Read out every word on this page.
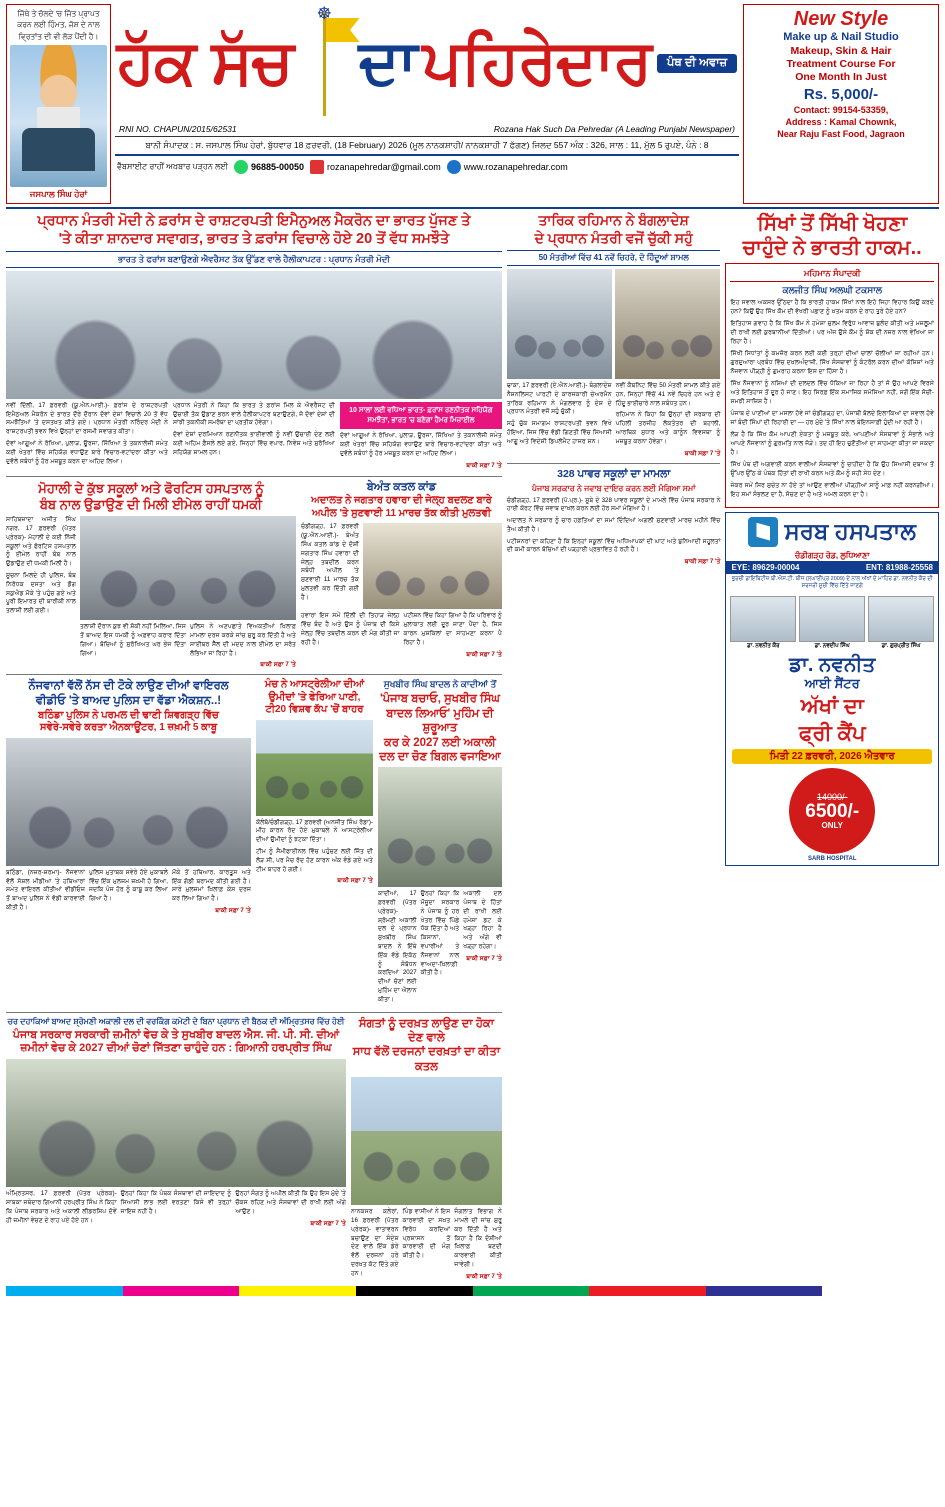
ਜਿੱਥੇ ਤੇ ਚੱਲਦੇ 'ਚ ਜਿੱਤ ਪ੍ਰਾਪਤ ਕਰਨ ਲਈ ਹਿੰਮਤ, ਜੋਸ਼ ਦੇ ਨਾਲ ਵ੍ਰਿਤਾਂਤ ਦੀ ਵੀ ਲੋੜ ਪੈਂਦੀ ਹੈ।
ਜਸਪਾਲ ਸਿੰਘ ਹੇਰਾਂ
ਹੱਕ ਸੱਚ
☸
ਦਾ ਪਹਿਰੇਦਾਰ	ਪੰਥ ਦੀ ਅਵਾਜ਼
RNI NO. CHAPUN/2015/62531	Rozana Hak Such Da Pehredar (A Leading Punjabi Newspaper)
ਬਾਨੀ ਸੰਪਾਦਕ : ਸ. ਜਸਪਾਲ ਸਿੰਘ ਹੇਰਾਂ, ਬੁੱਧਵਾਰ 18 ਫ਼ਰਵਰੀ, (18 February) 2026 (ਮੂਲ ਨਾਨਕਸ਼ਾਹੀ/ ਨਾਨਕਸ਼ਾਹੀ 7 ਫੱਗਣ) ਜਿਲਦ 557 ਅੰਕ : 326, ਸਾਲ : 11, ਮੁੱਲ 5 ਰੁਪਏ, ਪੰਨੇ : 8
ਵੈੱਬਸਾਈਟ ਰਾਹੀਂ ਅਖ਼ਬਾਰ ਪੜ੍ਹਨ ਲਈ	96885-00050	rozanapehredar@gmail.com	www.rozanapehredar.com
New Style
Make up & Nail Studio
Makeup, Skin & Hair
Treatment Course For
One Month In Just
Rs. 5,000/-
Contact: 99154-53359,
Address : Kamal Chownk,
Near Raju Fast Food, Jagraon
ਪ੍ਰਧਾਨ ਮੰਤਰੀ ਮੋਦੀ ਨੇ ਫ਼ਰਾਂਸ ਦੇ ਰਾਸ਼ਟਰਪਤੀ ਇਮੈਨੁਅਲ ਮੈਕਰੋਨ ਦਾ ਭਾਰਤ ਪੁੱਜਣ ਤੇ
'ਤੇ ਕੀਤਾ ਸ਼ਾਨਦਾਰ ਸਵਾਗਤ, ਭਾਰਤ ਤੇ ਫ਼ਰਾਂਸ ਵਿਚਾਲੇ ਹੋਏ 20 ਤੋਂ ਵੱਧ ਸਮਝੌਤੇ
ਭਾਰਤ ਤੇ ਫਰਾਂਸ ਬਣਾਉਣਗੇ ਐਵਰੈਸਟ ਤੱਕ ਉੱਡਣ ਵਾਲੇ ਹੈਲੀਕਾਪਟਰ : ਪ੍ਰਧਾਨ ਮੰਤਰੀ ਮੋਦੀ

ਨਵੀਂ ਦਿੱਲੀ, 17 ਫ਼ਰਵਰੀ (ਯੂ.ਐਨ.ਆਈ.)- ਫ਼ਰਾਂਸ ਦੇ ਰਾਸ਼ਟਰਪਤੀ ਇਮੈਨੁਅਲ ਮੈਕਰੋਨ ਦੇ ਭਾਰਤ ਦੌਰੇ ਦੌਰਾਨ ਦੋਵਾਂ ਦੇਸ਼ਾਂ ਵਿਚਾਲੇ 20 ਤੋਂ ਵੱਧ ਸਮਝੌਤਿਆਂ 'ਤੇ ਦਸਤਖ਼ਤ ਕੀਤੇ ਗਏ। ਪ੍ਰਧਾਨ ਮੰਤਰੀ ਨਰਿੰਦਰ ਮੋਦੀ ਨੇ ਰਾਸ਼ਟਰਪਤੀ ਭਵਨ ਵਿਖੇ ਉਨ੍ਹਾਂ ਦਾ ਰਸਮੀ ਸਵਾਗਤ ਕੀਤਾ।

ਦੋਵਾਂ ਆਗੂਆਂ ਨੇ ਰੱਖਿਆ, ਪੁਲਾੜ, ਊਰਜਾ, ਸਿੱਖਿਆ ਤੇ ਤਕਨਾਲੋਜੀ ਸਮੇਤ ਕਈ ਖੇਤਰਾਂ ਵਿੱਚ ਸਹਿਯੋਗ ਵਧਾਉਣ ਬਾਰੇ ਵਿਚਾਰ-ਵਟਾਂਦਰਾ ਕੀਤਾ ਅਤੇ ਦੁਵੱਲੇ ਸਬੰਧਾਂ ਨੂੰ ਹੋਰ ਮਜ਼ਬੂਤ ਕਰਨ ਦਾ ਅਹਿਦ ਲਿਆ।

ਪ੍ਰਧਾਨ ਮੰਤਰੀ ਨੇ ਕਿਹਾ ਕਿ ਭਾਰਤ ਤੇ ਫ਼ਰਾਂਸ ਮਿਲ ਕੇ ਐਵਰੈਸਟ ਦੀ ਉਚਾਈ ਤੱਕ ਉਡਾਣ ਭਰਨ ਵਾਲੇ ਹੈਲੀਕਾਪਟਰ ਬਣਾਉਣਗੇ, ਜੋ ਦੋਵਾਂ ਦੇਸ਼ਾਂ ਦੀ ਸਾਂਝੀ ਤਕਨੀਕੀ ਸਮਰੱਥਾ ਦਾ ਪ੍ਰਤੀਕ ਹੋਵੇਗਾ।

ਦੋਵਾਂ ਦੇਸ਼ਾਂ ਦਰਮਿਆਨ ਰਣਨੀਤਕ ਭਾਈਵਾਲੀ ਨੂੰ ਨਵੀਂ ਉਚਾਈ ਦੇਣ ਲਈ ਕਈ ਅਹਿਮ ਫ਼ੈਸਲੇ ਲਏ ਗਏ, ਜਿਨ੍ਹਾਂ ਵਿੱਚ ਵਪਾਰ, ਨਿਵੇਸ਼ ਅਤੇ ਸੁਰੱਖਿਆ ਸਹਿਯੋਗ ਸ਼ਾਮਲ ਹਨ।

10 ਸਾਲਾਂ ਲਈ ਵਧਿਆ ਭਾਰਤ- ਫ਼ਰਾਂਸ ਰਣਨੀਤਕ ਸਹਿਯੋਗ ਸਮਝੌਤਾ, ਭਾਰਤ 'ਚ ਬਣੇਗਾ ਹੈਮਰ ਮਿਜ਼ਾਈਲ

ਦੋਵਾਂ ਆਗੂਆਂ ਨੇ ਰੱਖਿਆ, ਪੁਲਾੜ, ਊਰਜਾ, ਸਿੱਖਿਆ ਤੇ ਤਕਨਾਲੋਜੀ ਸਮੇਤ ਕਈ ਖੇਤਰਾਂ ਵਿੱਚ ਸਹਿਯੋਗ ਵਧਾਉਣ ਬਾਰੇ ਵਿਚਾਰ-ਵਟਾਂਦਰਾ ਕੀਤਾ ਅਤੇ ਦੁਵੱਲੇ ਸਬੰਧਾਂ ਨੂੰ ਹੋਰ ਮਜ਼ਬੂਤ ਕਰਨ ਦਾ ਅਹਿਦ ਲਿਆ।

ਬਾਕੀ ਸਫ਼ਾ 7 'ਤੇ
ਮੋਹਾਲੀ ਦੇ ਕੁੱਝ ਸਕੂਲਾਂ ਅਤੇ ਫੋਰਟਿਸ ਹਸਪਤਾਲ ਨੂੰ
ਬੰਬ ਨਾਲ ਉਡਾਉਣ ਦੀ ਮਿਲੀ ਈਮੇਲ ਰਾਹੀਂ ਧਮਕੀ

ਸਾਹਿਬਜ਼ਾਦਾ ਅਜੀਤ ਸਿੰਘ ਨਗਰ, 17 ਫ਼ਰਵਰੀ (ਪੱਤਰ ਪ੍ਰੇਰਕ)- ਮੋਹਾਲੀ ਦੇ ਕਈ ਨਿੱਜੀ ਸਕੂਲਾਂ ਅਤੇ ਫੋਰਟਿਸ ਹਸਪਤਾਲ ਨੂੰ ਈਮੇਲ ਰਾਹੀਂ ਬੰਬ ਨਾਲ ਉਡਾਉਣ ਦੀ ਧਮਕੀ ਮਿਲੀ ਹੈ।

ਸੂਚਨਾ ਮਿਲਦੇ ਹੀ ਪੁਲਿਸ, ਬੰਬ ਨਿਰੋਧਕ ਦਸਤਾ ਅਤੇ ਡੌਗ ਸਕੁਐਡ ਮੌਕੇ 'ਤੇ ਪਹੁੰਚ ਗਏ ਅਤੇ ਪੂਰੀ ਇਮਾਰਤ ਦੀ ਬਾਰੀਕੀ ਨਾਲ ਤਲਾਸ਼ੀ ਲਈ ਗਈ।

ਤਲਾਸ਼ੀ ਦੌਰਾਨ ਕੁਝ ਵੀ ਸ਼ੱਕੀ ਨਹੀਂ ਮਿਲਿਆ, ਜਿਸ ਤੋਂ ਬਾਅਦ ਇਸ ਧਮਕੀ ਨੂੰ ਅਫ਼ਵਾਹ ਕਰਾਰ ਦਿੱਤਾ ਗਿਆ। ਬੱਚਿਆਂ ਨੂੰ ਸੁਰੱਖਿਅਤ ਘਰ ਭੇਜ ਦਿੱਤਾ ਗਿਆ।

ਪੁਲਿਸ ਨੇ ਅਣਪਛਾਤੇ ਵਿਅਕਤੀਆਂ ਖ਼ਿਲਾਫ਼ ਮਾਮਲਾ ਦਰਜ ਕਰਕੇ ਜਾਂਚ ਸ਼ੁਰੂ ਕਰ ਦਿੱਤੀ ਹੈ ਅਤੇ ਸਾਈਬਰ ਸੈੱਲ ਦੀ ਮਦਦ ਨਾਲ ਈਮੇਲ ਦਾ ਸਰੋਤ ਲੱਭਿਆ ਜਾ ਰਿਹਾ ਹੈ।

ਬਾਕੀ ਸਫ਼ਾ 7 'ਤੇ
ਬੇਅੰਤ ਕਤਲ ਕਾਂਡ
ਅਦਾਲਤ ਨੇ ਜਗਤਾਰ ਹਵਾਰਾ ਦੀ ਜੇਲ੍ਹ ਬਦਲਣ ਬਾਰੇ
ਅਪੀਲ 'ਤੇ ਸੁਣਵਾਈ 11 ਮਾਰਚ ਤੱਕ ਕੀਤੀ ਮੁਲਤਵੀ

ਚੰਡੀਗੜ੍ਹ, 17 ਫ਼ਰਵਰੀ (ਯੂ.ਐਨ.ਆਈ.)- ਬੇਅੰਤ ਸਿੰਘ ਕਤਲ ਕਾਂਡ ਦੇ ਦੋਸ਼ੀ ਜਗਤਾਰ ਸਿੰਘ ਹਵਾਰਾ ਦੀ ਜੇਲ੍ਹ ਤਬਦੀਲ ਕਰਨ ਸਬੰਧੀ ਅਪੀਲ 'ਤੇ ਸੁਣਵਾਈ 11 ਮਾਰਚ ਤੱਕ ਮੁਲਤਵੀ ਕਰ ਦਿੱਤੀ ਗਈ ਹੈ।

ਹਵਾਰਾ ਇਸ ਸਮੇਂ ਦਿੱਲੀ ਦੀ ਤਿਹਾੜ ਜੇਲ੍ਹ ਵਿੱਚ ਬੰਦ ਹੈ ਅਤੇ ਉਸ ਨੂੰ ਪੰਜਾਬ ਦੀ ਕਿਸੇ ਜੇਲ੍ਹ ਵਿੱਚ ਤਬਦੀਲ ਕਰਨ ਦੀ ਮੰਗ ਕੀਤੀ ਜਾ ਰਹੀ ਹੈ।

ਪਟੀਸ਼ਨ ਵਿੱਚ ਕਿਹਾ ਗਿਆ ਹੈ ਕਿ ਪਰਿਵਾਰ ਨੂੰ ਮੁਲਾਕਾਤ ਲਈ ਦੂਰ ਜਾਣਾ ਪੈਂਦਾ ਹੈ, ਜਿਸ ਕਾਰਨ ਮੁਸ਼ਕਿਲਾਂ ਦਾ ਸਾਹਮਣਾ ਕਰਨਾ ਪੈ ਰਿਹਾ ਹੈ।

ਬਾਕੀ ਸਫ਼ਾ 7 'ਤੇ
ਨੌਜਵਾਨਾਂ ਵੱਲੋਂ ਨੱਸ ਦੀ ਟੋਕੇ ਲਾਉਣ ਦੀਆਂ ਵਾਇਰਲ
ਵੀਡੀਓ 'ਤੇ ਬਾਅਦ ਪੁਲਿਸ ਦਾ ਵੱਡਾ ਐਕਸ਼ਨ..!
ਬਠਿੰਡਾ ਪੁਲਿਸ ਨੇ ਪਰਮਲ ਦੀ ਢਾਣੀ ਸ਼ਿਵਗੜ੍ਹ ਵਿੱਚ
ਸਵੇਰੇ-ਸਵੇਰੇ ਕਰਤਾ ਐਨਕਾਊਂਟਰ, 1 ਜ਼ਖ਼ਮੀ 5 ਕਾਬੂ

ਬਠਿੰਡਾ, (ਨਜ਼ਰ-ਸ਼ਰਮਾ)- ਨੌਜਵਾਨਾਂ ਵੱਲੋਂ ਸੋਸ਼ਲ ਮੀਡੀਆ 'ਤੇ ਹਥਿਆਰਾਂ ਸਮੇਤ ਵਾਇਰਲ ਕੀਤੀਆਂ ਵੀਡੀਓਜ਼ ਤੋਂ ਬਾਅਦ ਪੁਲਿਸ ਨੇ ਵੱਡੀ ਕਾਰਵਾਈ ਕੀਤੀ ਹੈ।

ਪੁਲਿਸ ਮੁਤਾਬਕ ਸਵੇਰੇ ਹੋਏ ਮੁਕਾਬਲੇ ਵਿੱਚ ਇੱਕ ਮੁਲਜ਼ਮ ਜ਼ਖ਼ਮੀ ਹੋ ਗਿਆ, ਜਦਕਿ ਪੰਜ ਹੋਰ ਨੂੰ ਕਾਬੂ ਕਰ ਲਿਆ ਗਿਆ ਹੈ।

ਮੌਕੇ ਤੋਂ ਹਥਿਆਰ, ਕਾਰਤੂਸ ਅਤੇ ਇੱਕ ਗੱਡੀ ਬਰਾਮਦ ਕੀਤੀ ਗਈ ਹੈ। ਸਾਰੇ ਮੁਲਜ਼ਮਾਂ ਖ਼ਿਲਾਫ਼ ਕੇਸ ਦਰਜ ਕਰ ਲਿਆ ਗਿਆ ਹੈ।

ਬਾਕੀ ਸਫ਼ਾ 7 'ਤੇ
ਮੰਚ ਨੇ ਆਸਟ੍ਰੇਲੀਆ ਦੀਆਂ
ਉਮੀਦਾਂ 'ਤੇ ਫੇਰਿਆ ਪਾਣੀ,
ਟੀ20 ਵਿਸ਼ਵ ਕੱਪ 'ਚੋਂ ਬਾਹਰ

ਕੋਲੰਬੋ/ਚੰਡੀਗੜ੍ਹ, 17 ਫ਼ਰਵਰੀ (ਅਨਜੀਤ ਸਿੰਘ ਰੋਡਾ)- ਮੀਂਹ ਕਾਰਨ ਰੱਦ ਹੋਏ ਮੁਕਾਬਲੇ ਨੇ ਆਸਟ੍ਰੇਲੀਆ ਦੀਆਂ ਉਮੀਦਾਂ ਨੂੰ ਝਟਕਾ ਦਿੱਤਾ।

ਟੀਮ ਨੂੰ ਸੈਮੀਫਾਈਨਲ ਵਿੱਚ ਪਹੁੰਚਣ ਲਈ ਜਿੱਤ ਦੀ ਲੋੜ ਸੀ, ਪਰ ਮੈਚ ਰੱਦ ਹੋਣ ਕਾਰਨ ਅੰਕ ਵੰਡੇ ਗਏ ਅਤੇ ਟੀਮ ਬਾਹਰ ਹੋ ਗਈ।

ਬਾਕੀ ਸਫ਼ਾ 7 'ਤੇ
ਸੁਖਬੀਰ ਸਿੰਘ ਬਾਦਲ ਨੇ ਕਾਦੀਆਂ ਤੋਂ
'ਪੰਜਾਬ ਬਚਾਓ, ਸੁਖਬੀਰ ਸਿੰਘ ਬਾਦਲ ਲਿਆਓ' ਮੁਹਿੰਮ ਦੀ ਸ਼ੁਰੂਆਤ
ਕਰ ਕੇ 2027 ਲਈ ਅਕਾਲੀ ਦਲ ਦਾ ਚੋਣ ਬਿਗਲ ਵਜਾਇਆ

ਕਾਦੀਆਂ, 17 ਫ਼ਰਵਰੀ (ਪੱਤਰ ਪ੍ਰੇਰਕ)- ਸ਼੍ਰੋਮਣੀ ਅਕਾਲੀ ਦਲ ਦੇ ਪ੍ਰਧਾਨ ਸੁਖਬੀਰ ਸਿੰਘ ਬਾਦਲ ਨੇ ਇੱਥੇ ਇੱਕ ਵੱਡੇ ਇਕੱਠ ਨੂੰ ਸੰਬੋਧਨ ਕਰਦਿਆਂ 2027 ਦੀਆਂ ਚੋਣਾਂ ਲਈ ਮੁਹਿੰਮ ਦਾ ਐਲਾਨ ਕੀਤਾ।

ਉਨ੍ਹਾਂ ਕਿਹਾ ਕਿ ਮੌਜੂਦਾ ਸਰਕਾਰ ਨੇ ਪੰਜਾਬ ਨੂੰ ਹਰ ਖੇਤਰ ਵਿੱਚ ਪਿੱਛੇ ਧੱਕ ਦਿੱਤਾ ਹੈ ਅਤੇ ਕਿਸਾਨਾਂ, ਵਪਾਰੀਆਂ ਤੇ ਨੌਜਵਾਨਾਂ ਨਾਲ ਵਾਅਦਾ-ਖ਼ਿਲਾਫ਼ੀ ਕੀਤੀ ਹੈ।

ਅਕਾਲੀ ਦਲ ਪੰਜਾਬ ਦੇ ਹਿੱਤਾਂ ਦੀ ਰਾਖੀ ਲਈ ਹਮੇਸ਼ਾ ਡਟ ਕੇ ਖੜ੍ਹਾ ਰਿਹਾ ਹੈ ਅਤੇ ਅੱਗੇ ਵੀ ਖੜ੍ਹਾ ਰਹੇਗਾ।

ਬਾਕੀ ਸਫ਼ਾ 7 'ਤੇ
ਚਰ ਦਹਾਕਿਆਂ ਬਾਅਦ ਸ਼੍ਰੋਮਣੀ ਅਕਾਲੀ ਦਲ ਦੀ ਵਰਕਿੰਗ ਕਮੇਟੀ ਦੇ ਬਿਨਾ ਪ੍ਰਧਾਨ ਦੀ ਬੈਠਕ ਦੀ ਅੰਮ੍ਰਿਤਸਰ ਵਿੱਚ ਹੋਈ
ਪੰਜਾਬ ਸਰਕਾਰ ਸਰਕਾਰੀ ਜ਼ਮੀਨਾਂ ਵੇਚ ਕੇ ਤੇ ਸੁਖਬੀਰ ਬਾਦਲ ਐਸ. ਜੀ. ਪੀ. ਸੀ. ਦੀਆਂ
ਜ਼ਮੀਨਾਂ ਵੇਚ ਕੇ 2027 ਦੀਆਂ ਚੋਣਾਂ ਜਿੱਤਣਾ ਚਾਹੁੰਦੇ ਹਨ : ਗਿਆਨੀ ਹਰਪ੍ਰੀਤ ਸਿੰਘ

ਅੰਮ੍ਰਿਤਸਰ, 17 ਫ਼ਰਵਰੀ (ਪੱਤਰ ਪ੍ਰੇਰਕ)- ਸਾਬਕਾ ਜਥੇਦਾਰ ਗਿਆਨੀ ਹਰਪ੍ਰੀਤ ਸਿੰਘ ਨੇ ਕਿਹਾ ਕਿ ਪੰਜਾਬ ਸਰਕਾਰ ਅਤੇ ਅਕਾਲੀ ਲੀਡਰਸ਼ਿਪ ਦੋਵੇਂ ਹੀ ਜ਼ਮੀਨਾਂ ਵੇਚਣ ਦੇ ਰਾਹ ਪਏ ਹੋਏ ਹਨ।

ਉਨ੍ਹਾਂ ਕਿਹਾ ਕਿ ਪੰਥਕ ਸੰਸਥਾਵਾਂ ਦੀ ਜਾਇਦਾਦ ਨੂੰ ਸਿਆਸੀ ਲਾਭ ਲਈ ਵਰਤਣਾ ਕਿਸੇ ਵੀ ਤਰ੍ਹਾਂ ਜਾਇਜ਼ ਨਹੀਂ ਹੈ।

ਉਨ੍ਹਾਂ ਸੰਗਤ ਨੂੰ ਅਪੀਲ ਕੀਤੀ ਕਿ ਉਹ ਇਸ ਮੁੱਦੇ 'ਤੇ ਚੌਕਸ ਰਹਿਣ ਅਤੇ ਸੰਸਥਾਵਾਂ ਦੀ ਰਾਖੀ ਲਈ ਅੱਗੇ ਆਉਣ।

ਬਾਕੀ ਸਫ਼ਾ 7 'ਤੇ
ਸੰਗਤਾਂ ਨੂੰ ਦਰਖ਼ਤ ਲਾਉਣ ਦਾ ਹੋਕਾ ਦੇਣ ਵਾਲੇ
ਸਾਧ ਵੱਲੋਂ ਦਰਜਨਾਂ ਦਰਖ਼ਤਾਂ ਦਾ ਕੀਤਾ ਕਤਲ

ਨਾਨਕਸਰ ਕਲੇਰਾਂ, 16 ਫ਼ਰਵਰੀ (ਪੱਤਰ ਪ੍ਰੇਰਕ)- ਵਾਤਾਵਰਨ ਬਚਾਉਣ ਦਾ ਸੰਦੇਸ਼ ਦੇਣ ਵਾਲੇ ਇੱਕ ਡੇਰੇ ਵੱਲੋਂ ਦਰਜਨਾਂ ਹਰੇ ਦਰਖ਼ਤ ਕੱਟ ਦਿੱਤੇ ਗਏ ਹਨ।

ਪਿੰਡ ਵਾਸੀਆਂ ਨੇ ਇਸ ਕਾਰਵਾਈ ਦਾ ਸਖ਼ਤ ਵਿਰੋਧ ਕਰਦਿਆਂ ਪ੍ਰਸ਼ਾਸਨ ਤੋਂ ਕਾਰਵਾਈ ਦੀ ਮੰਗ ਕੀਤੀ ਹੈ।

ਜੰਗਲਾਤ ਵਿਭਾਗ ਨੇ ਮਾਮਲੇ ਦੀ ਜਾਂਚ ਸ਼ੁਰੂ ਕਰ ਦਿੱਤੀ ਹੈ ਅਤੇ ਕਿਹਾ ਹੈ ਕਿ ਦੋਸ਼ੀਆਂ ਖ਼ਿਲਾਫ਼ ਬਣਦੀ ਕਾਰਵਾਈ ਕੀਤੀ ਜਾਵੇਗੀ।

ਬਾਕੀ ਸਫ਼ਾ 7 'ਤੇ
ਤਾਰਿਕ ਰਹਿਮਾਨ ਨੇ ਬੰਗਲਾਦੇਸ਼
ਦੇ ਪ੍ਰਧਾਨ ਮੰਤਰੀ ਵਜੋਂ ਚੁੱਕੀ ਸਹੁੰ
50 ਮੰਤਰੀਆਂ ਵਿੱਚ 41 ਨਵੇਂ ਚਿਹਰੇ, ਦੋ ਹਿੰਦੂਆਂ ਸ਼ਾਮਲ

ਢਾਕਾ, 17 ਫ਼ਰਵਰੀ (ਏ.ਐਨ.ਆਈ.)- ਬੰਗਲਾਦੇਸ਼ ਨੈਸ਼ਨਲਿਸਟ ਪਾਰਟੀ ਦੇ ਕਾਰਜਕਾਰੀ ਚੇਅਰਮੈਨ ਤਾਰਿਕ ਰਹਿਮਾਨ ਨੇ ਮੰਗਲਵਾਰ ਨੂੰ ਦੇਸ਼ ਦੇ ਪ੍ਰਧਾਨ ਮੰਤਰੀ ਵਜੋਂ ਸਹੁੰ ਚੁੱਕੀ।

ਸਹੁੰ ਚੁੱਕ ਸਮਾਗਮ ਰਾਸ਼ਟਰਪਤੀ ਭਵਨ ਵਿਖੇ ਹੋਇਆ, ਜਿਸ ਵਿੱਚ ਵੱਡੀ ਗਿਣਤੀ ਵਿੱਚ ਸਿਆਸੀ ਆਗੂ ਅਤੇ ਵਿਦੇਸ਼ੀ ਡਿਪਲੋਮੈਟ ਹਾਜ਼ਰ ਸਨ।

ਨਵੀਂ ਕੈਬਨਿਟ ਵਿੱਚ 50 ਮੰਤਰੀ ਸ਼ਾਮਲ ਕੀਤੇ ਗਏ ਹਨ, ਜਿਨ੍ਹਾਂ ਵਿੱਚੋਂ 41 ਨਵੇਂ ਚਿਹਰੇ ਹਨ ਅਤੇ ਦੋ ਹਿੰਦੂ ਭਾਈਚਾਰੇ ਨਾਲ ਸਬੰਧਤ ਹਨ।

ਰਹਿਮਾਨ ਨੇ ਕਿਹਾ ਕਿ ਉਨ੍ਹਾਂ ਦੀ ਸਰਕਾਰ ਦੀ ਪਹਿਲੀ ਤਰਜੀਹ ਲੋਕਤੰਤਰ ਦੀ ਬਹਾਲੀ, ਆਰਥਿਕ ਸੁਧਾਰ ਅਤੇ ਕਾਨੂੰਨ ਵਿਵਸਥਾ ਨੂੰ ਮਜ਼ਬੂਤ ਕਰਨਾ ਹੋਵੇਗਾ।

ਬਾਕੀ ਸਫ਼ਾ 7 'ਤੇ
328 ਪਾਵਰ ਸਕੂਲਾਂ ਦਾ ਮਾਮਲਾ
ਪੰਜਾਬ ਸਰਕਾਰ ਨੇ ਜਵਾਬ ਦਾਇਰ ਕਰਨ ਲਈ ਮੰਗਿਆ ਸਮਾਂ

ਚੰਡੀਗੜ੍ਹ, 17 ਫ਼ਰਵਰੀ (ਪੱ.ਪ੍ਰ.)- ਸੂਬੇ ਦੇ 328 ਪਾਵਰ ਸਕੂਲਾਂ ਦੇ ਮਾਮਲੇ ਵਿੱਚ ਪੰਜਾਬ ਸਰਕਾਰ ਨੇ ਹਾਈ ਕੋਰਟ ਵਿੱਚ ਜਵਾਬ ਦਾਖ਼ਲ ਕਰਨ ਲਈ ਹੋਰ ਸਮਾਂ ਮੰਗਿਆ ਹੈ।

ਅਦਾਲਤ ਨੇ ਸਰਕਾਰ ਨੂੰ ਚਾਰ ਹਫ਼ਤਿਆਂ ਦਾ ਸਮਾਂ ਦਿੰਦਿਆਂ ਅਗਲੀ ਸੁਣਵਾਈ ਮਾਰਚ ਮਹੀਨੇ ਵਿੱਚ ਤੈਅ ਕੀਤੀ ਹੈ।

ਪਟੀਸ਼ਨਰਾਂ ਦਾ ਕਹਿਣਾ ਹੈ ਕਿ ਇਨ੍ਹਾਂ ਸਕੂਲਾਂ ਵਿੱਚ ਅਧਿਆਪਕਾਂ ਦੀ ਘਾਟ ਅਤੇ ਬੁਨਿਆਦੀ ਸਹੂਲਤਾਂ ਦੀ ਕਮੀ ਕਾਰਨ ਬੱਚਿਆਂ ਦੀ ਪੜ੍ਹਾਈ ਪ੍ਰਭਾਵਿਤ ਹੋ ਰਹੀ ਹੈ।

ਬਾਕੀ ਸਫ਼ਾ 7 'ਤੇ
ਸਿੱਖਾਂ ਤੋਂ ਸਿੱਖੀ ਖੋਹਣਾ
ਚਾਹੁੰਦੇ ਨੇ ਭਾਰਤੀ ਹਾਕਮ..
ਮਹਿਮਾਨ ਸੰਪਾਦਕੀ
ਕਲਜੀਤ ਸਿੰਘ ਅਲਘੀ ਟਕਸਾਲ

ਇਹ ਸਵਾਲ ਅਕਸਰ ਉੱਠਦਾ ਹੈ ਕਿ ਭਾਰਤੀ ਹਾਕਮ ਸਿੱਖਾਂ ਨਾਲ ਇਹੋ ਜਿਹਾ ਵਿਹਾਰ ਕਿਉਂ ਕਰਦੇ ਹਨ? ਕਿਉਂ ਉਹ ਸਿੱਖ ਕੌਮ ਦੀ ਵੱਖਰੀ ਪਛਾਣ ਨੂੰ ਖ਼ਤਮ ਕਰਨ ਦੇ ਰਾਹ ਤੁਰੇ ਹੋਏ ਹਨ?

ਇਤਿਹਾਸ ਗਵਾਹ ਹੈ ਕਿ ਸਿੱਖ ਕੌਮ ਨੇ ਹਮੇਸ਼ਾ ਜ਼ੁਲਮ ਵਿਰੁੱਧ ਆਵਾਜ਼ ਬੁਲੰਦ ਕੀਤੀ ਅਤੇ ਮਜ਼ਲੂਮਾਂ ਦੀ ਰਾਖੀ ਲਈ ਕੁਰਬਾਨੀਆਂ ਦਿੱਤੀਆਂ। ਪਰ ਅੱਜ ਉਸੇ ਕੌਮ ਨੂੰ ਸ਼ੱਕ ਦੀ ਨਜ਼ਰ ਨਾਲ ਵੇਖਿਆ ਜਾ ਰਿਹਾ ਹੈ।

ਸਿੱਖੀ ਸਿਧਾਂਤਾਂ ਨੂੰ ਕਮਜ਼ੋਰ ਕਰਨ ਲਈ ਕਈ ਤਰ੍ਹਾਂ ਦੀਆਂ ਚਾਲਾਂ ਚੱਲੀਆਂ ਜਾ ਰਹੀਆਂ ਹਨ। ਗੁਰਦੁਆਰਾ ਪ੍ਰਬੰਧ ਵਿੱਚ ਦਖ਼ਲਅੰਦਾਜ਼ੀ, ਸਿੱਖ ਸੰਸਥਾਵਾਂ ਨੂੰ ਕੰਟਰੋਲ ਕਰਨ ਦੀਆਂ ਕੋਸ਼ਿਸ਼ਾਂ ਅਤੇ ਨੌਜਵਾਨ ਪੀੜ੍ਹੀ ਨੂੰ ਗੁਮਰਾਹ ਕਰਨਾ ਇਸ ਦਾ ਹਿੱਸਾ ਹੈ।

ਸਿੱਖ ਨੌਜਵਾਨਾਂ ਨੂੰ ਨਸ਼ਿਆਂ ਦੀ ਦਲਦਲ ਵਿੱਚ ਧੱਕਿਆ ਜਾ ਰਿਹਾ ਹੈ ਤਾਂ ਜੋ ਉਹ ਆਪਣੇ ਵਿਰਸੇ ਅਤੇ ਇਤਿਹਾਸ ਤੋਂ ਦੂਰ ਹੋ ਜਾਣ। ਇਹ ਸਿਰਫ਼ ਇੱਕ ਸਮਾਜਿਕ ਸਮੱਸਿਆ ਨਹੀਂ, ਸਗੋਂ ਇੱਕ ਸੋਚੀ-ਸਮਝੀ ਸਾਜ਼ਿਸ਼ ਹੈ।

ਪੰਜਾਬ ਦੇ ਪਾਣੀਆਂ ਦਾ ਮਸਲਾ ਹੋਵੇ ਜਾਂ ਚੰਡੀਗੜ੍ਹ ਦਾ, ਪੰਜਾਬੀ ਬੋਲਦੇ ਇਲਾਕਿਆਂ ਦਾ ਸਵਾਲ ਹੋਵੇ ਜਾਂ ਬੰਦੀ ਸਿੰਘਾਂ ਦੀ ਰਿਹਾਈ ਦਾ — ਹਰ ਮੁੱਦੇ 'ਤੇ ਸਿੱਖਾਂ ਨਾਲ ਬੇਇਨਸਾਫ਼ੀ ਹੁੰਦੀ ਆ ਰਹੀ ਹੈ।

ਲੋੜ ਹੈ ਕਿ ਸਿੱਖ ਕੌਮ ਆਪਣੀ ਏਕਤਾ ਨੂੰ ਮਜ਼ਬੂਤ ਕਰੇ, ਆਪਣੀਆਂ ਸੰਸਥਾਵਾਂ ਨੂੰ ਸੰਭਾਲੇ ਅਤੇ ਆਪਣੇ ਨੌਜਵਾਨਾਂ ਨੂੰ ਗੁਰਮਤਿ ਨਾਲ ਜੋੜੇ। ਤਦ ਹੀ ਇਹ ਚੁਣੌਤੀਆਂ ਦਾ ਸਾਹਮਣਾ ਕੀਤਾ ਜਾ ਸਕਦਾ ਹੈ।

ਸਿੱਖ ਪੰਥ ਦੀ ਅਗਵਾਈ ਕਰਨ ਵਾਲੀਆਂ ਸੰਸਥਾਵਾਂ ਨੂੰ ਚਾਹੀਦਾ ਹੈ ਕਿ ਉਹ ਸਿਆਸੀ ਦਬਾਅ ਤੋਂ ਉੱਪਰ ਉੱਠ ਕੇ ਪੰਥਕ ਹਿੱਤਾਂ ਦੀ ਰਾਖੀ ਕਰਨ ਅਤੇ ਕੌਮ ਨੂੰ ਸਹੀ ਸੇਧ ਦੇਣ।

ਜੇਕਰ ਸਮੇਂ ਸਿਰ ਸੁਚੇਤ ਨਾ ਹੋਏ ਤਾਂ ਆਉਣ ਵਾਲੀਆਂ ਪੀੜ੍ਹੀਆਂ ਸਾਨੂੰ ਮਾਫ਼ ਨਹੀਂ ਕਰਨਗੀਆਂ। ਇਹ ਸਮਾਂ ਸੰਭਲਣ ਦਾ ਹੈ, ਸੋਚਣ ਦਾ ਹੈ ਅਤੇ ਅਮਲ ਕਰਨ ਦਾ ਹੈ।

ਸਰਬ ਹਸਪਤਾਲ
ਚੰਡੀਗੜ੍ਹ ਰੋਡ, ਲੁਧਿਆਣਾ
EYE: 89629-00004	ENT: 81988-25558
ਭੁਰਚੀ ਡਾਇਬਿਟੀਜ਼ ਬੀ.ਐਸ.ਟੀ. ਬੀਜ (ਲਘਾਈਪ੍ਰ 2009) ਦੇ ਨਾਲ ਅੱਖਾਂ ਦੇ ਮਾਹਿਰ ਡਾ. ਨਵਨੀਤ ਕੌਰ ਦੀ ਸਰਜਰੀ ਸੂਚੀ ਵਿੱਚ ਦਿੱਤੇ ਜਾਣਗੇ
ਡਾ. ਨਵਨੀਤ ਕੌਰ	ਡਾ. ਨਵਦੀਪ ਸਿੰਘ	ਡਾ. ਗੁਰਪ੍ਰੀਤ ਸਿੰਘ
ਡਾ. ਨਵਨੀਤ
ਆਈ ਸੈਂਟਰ
ਅੱਖਾਂ ਦਾ
ਫ੍ਰੀ ਕੈਂਪ
ਮਿਤੀ 22 ਫ਼ਰਵਰੀ, 2026 ਐਤਵਾਰ
14000/-
6500/-
ONLY
SARB HOSPITAL
